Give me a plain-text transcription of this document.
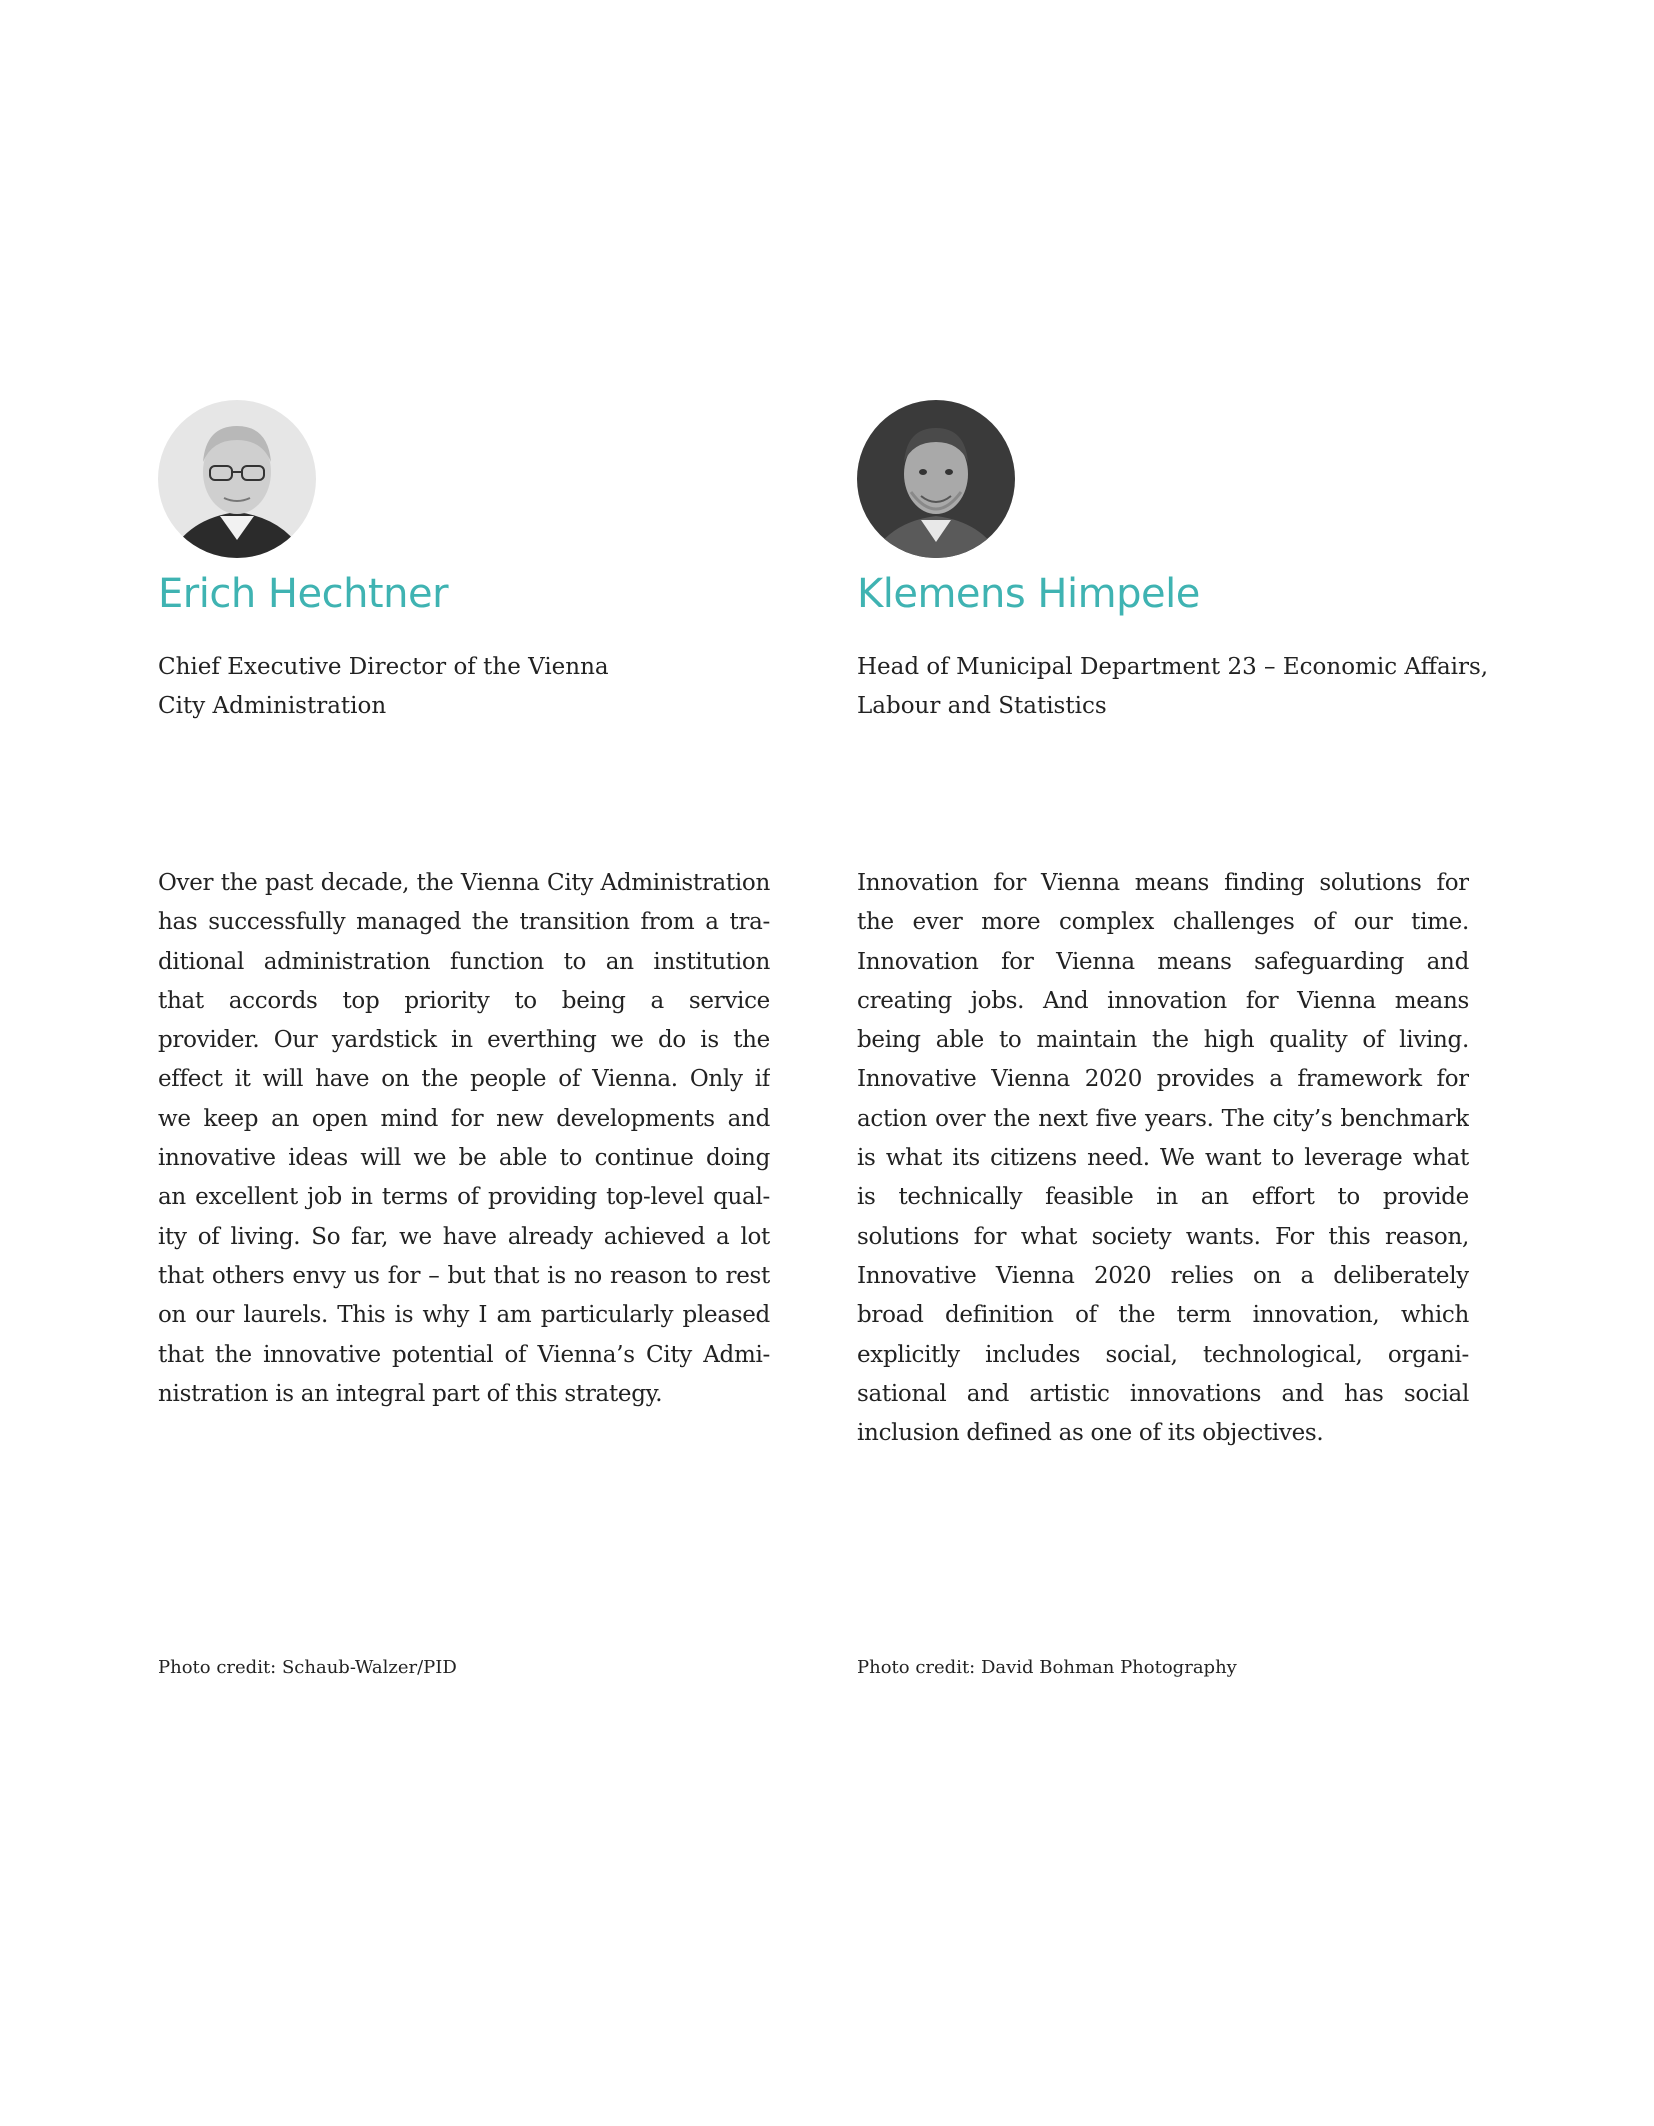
Erich Hechtner

Chief Executive Director of the Vienna
City Administration

Over the past decade, the Vienna City Administration
has successfully managed the transition from a tra-
ditional administration function to an institution
that accords top priority to being a service
provider. Our yardstick in everthing we do is the
effect it will have on the people of Vienna. Only if
we keep an open mind for new developments and
innovative ideas will we be able to continue doing
an excellent job in terms of providing top-level qual-
ity of living. So far, we have already achieved a lot
that others envy us for – but that is no reason to rest
on our laurels. This is why I am particularly pleased
that the innovative potential of Vienna’s City Admi-
nistration is an integral part of this strategy.

Photo credit: Schaub-Walzer/PID

Klemens Himpele

Head of Municipal Department 23 – Economic Affairs,
Labour and Statistics

Innovation for Vienna means finding solutions for
the ever more complex challenges of our time.
Innovation for Vienna means safeguarding and
creating jobs. And innovation for Vienna means
being able to maintain the high quality of living.
Innovative Vienna 2020 provides a framework for
action over the next five years. The city’s benchmark
is what its citizens need. We want to leverage what
is technically feasible in an effort to provide
solutions for what society wants. For this reason,
Innovative Vienna 2020 relies on a deliberately
broad definition of the term innovation, which
explicitly includes social, technological, organi-
sational and artistic innovations and has social
inclusion defined as one of its objectives.

Photo credit: David Bohman Photography
